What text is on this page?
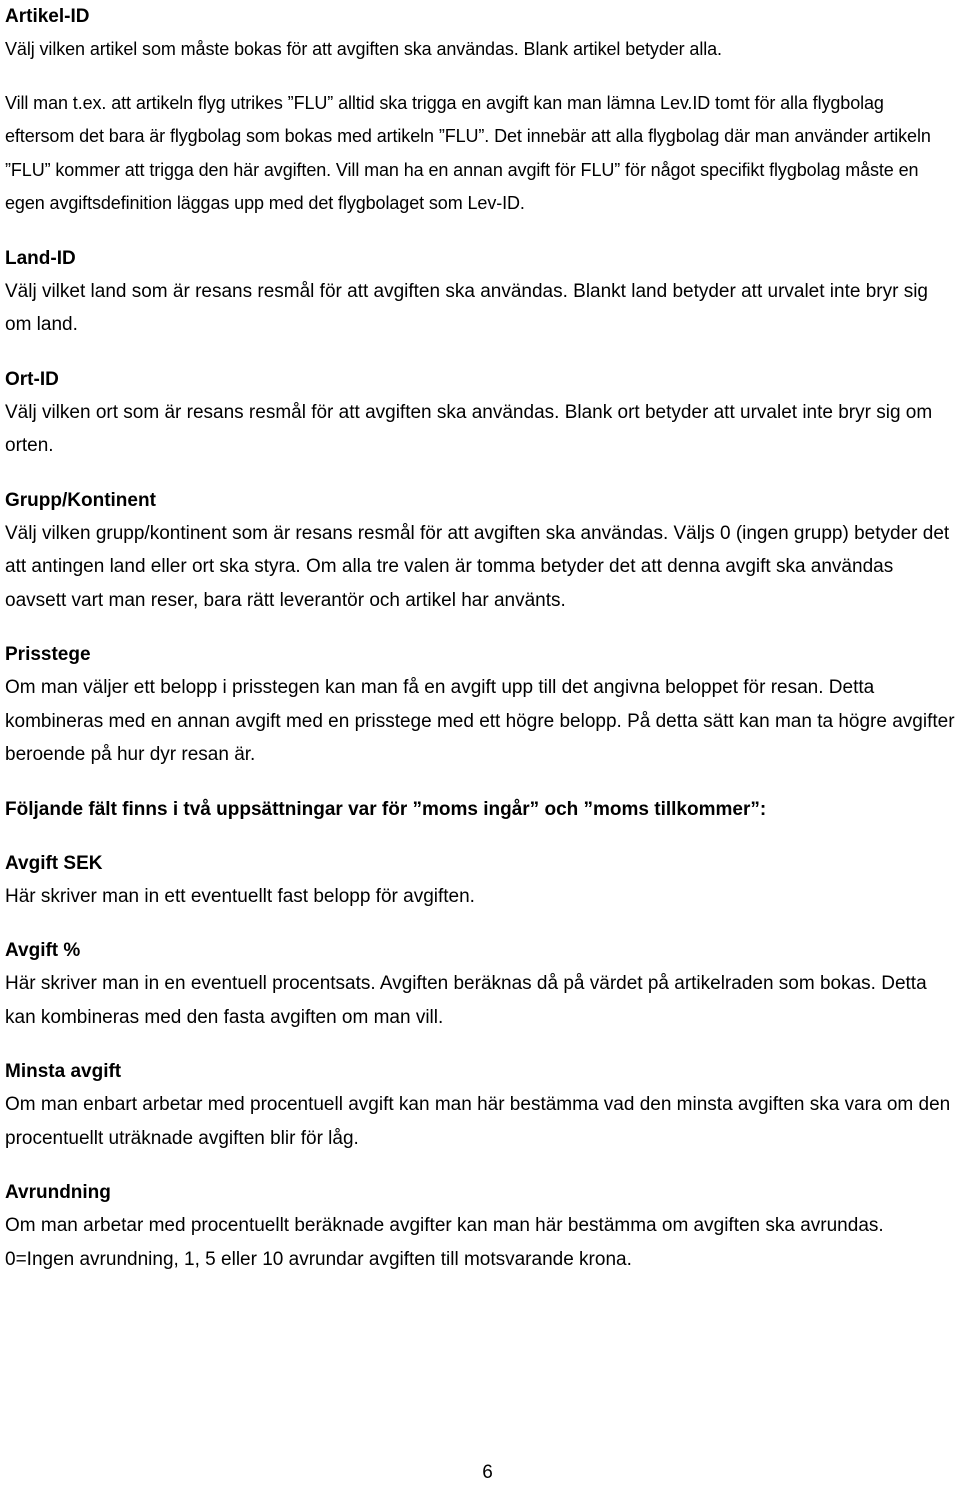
Artikel-ID

Välj vilken artikel som måste bokas för att avgiften ska användas. Blank artikel betyder alla.

Vill man t.ex. att artikeln flyg utrikes ”FLU” alltid ska trigga en avgift kan man lämna Lev.ID tomt för alla flygbolag eftersom det bara är flygbolag som bokas med artikeln ”FLU”. Det innebär att alla flygbolag där man använder artikeln ”FLU” kommer att trigga den här avgiften. Vill man ha en annan avgift för FLU” för något specifikt flygbolag måste en egen avgiftsdefinition läggas upp med det flygbolaget som Lev-ID.

Land-ID

Välj vilket land som är resans resmål för att avgiften ska användas. Blankt land betyder att urvalet inte bryr sig om land.

Ort-ID

Välj vilken ort som är resans resmål för att avgiften ska användas. Blank ort betyder att urvalet inte bryr sig om orten.

Grupp/Kontinent

Välj vilken grupp/kontinent som är resans resmål för att avgiften ska användas. Väljs 0 (ingen grupp) betyder det att antingen land eller ort ska styra. Om alla tre valen är tomma betyder det att denna avgift ska användas oavsett vart man reser, bara rätt leverantör och artikel har använts.

Prisstege

Om man väljer ett belopp i prisstegen kan man få en avgift upp till det angivna beloppet för resan. Detta kombineras med en annan avgift med en prisstege med ett högre belopp. På detta sätt kan man ta högre avgifter beroende på hur dyr resan är.

Följande fält finns i två uppsättningar var för ”moms ingår” och ”moms tillkommer”:

Avgift SEK

Här skriver man in ett eventuellt fast belopp för avgiften.

Avgift %

Här skriver man in en eventuell procentsats. Avgiften beräknas då på värdet på artikelraden som bokas. Detta kan kombineras med den fasta avgiften om man vill.

Minsta avgift

Om man enbart arbetar med procentuell avgift kan man här bestämma vad den minsta avgiften ska vara om den procentuellt uträknade avgiften blir för låg.

Avrundning

Om man arbetar med procentuellt beräknade avgifter kan man här bestämma om avgiften ska avrundas. 0=Ingen avrundning, 1, 5 eller 10 avrundar avgiften till motsvarande krona.

6
